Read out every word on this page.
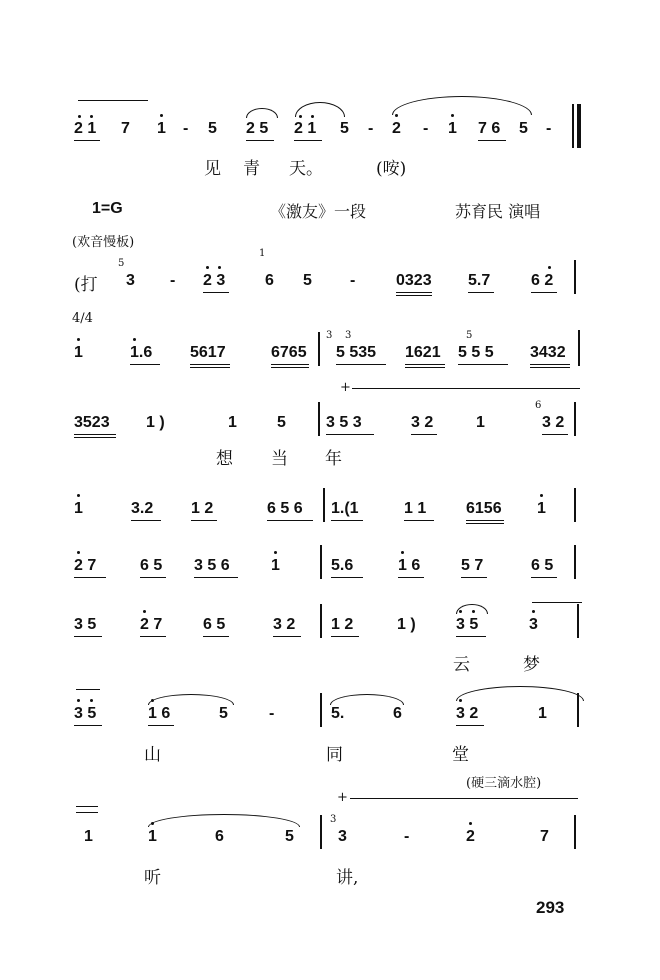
2 1 7 1 - 5 2 5 2 1 5 - 2 - 1 7 6 5 -
见 青 天。	(咹)
1=G	《激友》一段	苏育民 演唱
(欢音慢板)
(打
5
3 - 2 3
1
6 5 -	0323 5.7	6 2
4/4
1	1.6 5617	6765 5 535 1621 5 5 5 3432
3 3	5
+
3523 1 )	1	5	3 5 3	3 2	1
6
3 2
想 当 年
1	3.2 1 2	6 5 6 1.(1	1 1 6156 1
2 7	6 5 3 5 6	1	5.6	1 6	5 7	6 5
3 5	2 7	6 5	3 2 1 2	1 )	3 5	3
云	梦
3 5	1 6	5	-	5.	6	3 2	1
山	同	堂
(硬三滴水腔)
+
1	1	6	5
3
3	-	2	7
听	讲,
293
